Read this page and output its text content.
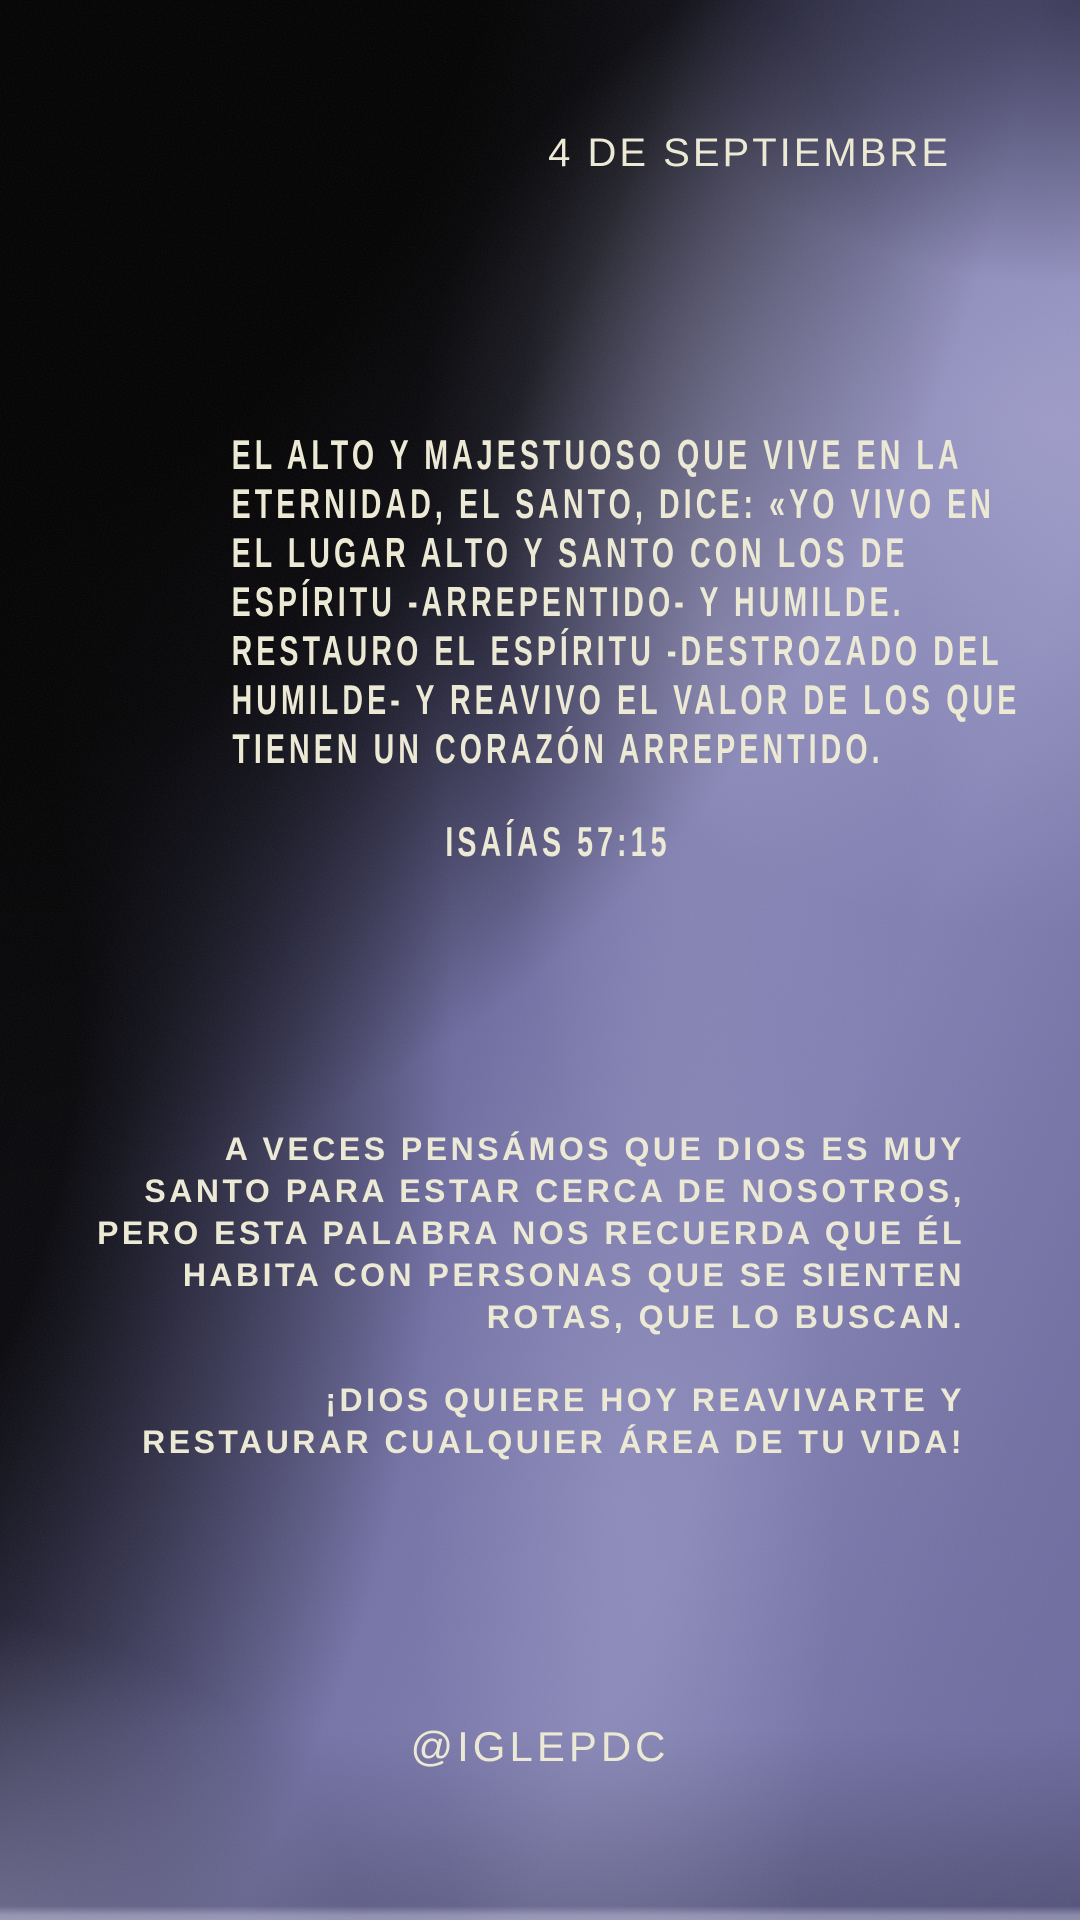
4 DE SEPTIEMBRE
EL ALTO Y MAJESTUOSO QUE VIVE EN LA
ETERNIDAD, EL SANTO, DICE: «YO VIVO EN
EL LUGAR ALTO Y SANTO CON LOS DE
ESPÍRITU -ARREPENTIDO- Y HUMILDE.
RESTAURO EL ESPÍRITU -DESTROZADO DEL
HUMILDE- Y REAVIVO EL VALOR DE LOS QUE
TIENEN UN CORAZÓN ARREPENTIDO.
ISAÍAS 57:15
A VECES PENSÁMOS QUE DIOS ES MUY
SANTO PARA ESTAR CERCA DE NOSOTROS,
PERO ESTA PALABRA NOS RECUERDA QUE ÉL
HABITA CON PERSONAS QUE SE SIENTEN
ROTAS, QUE LO BUSCAN.
¡DIOS QUIERE HOY REAVIVARTE Y
RESTAURAR CUALQUIER ÁREA DE TU VIDA!
@IGLEPDC
